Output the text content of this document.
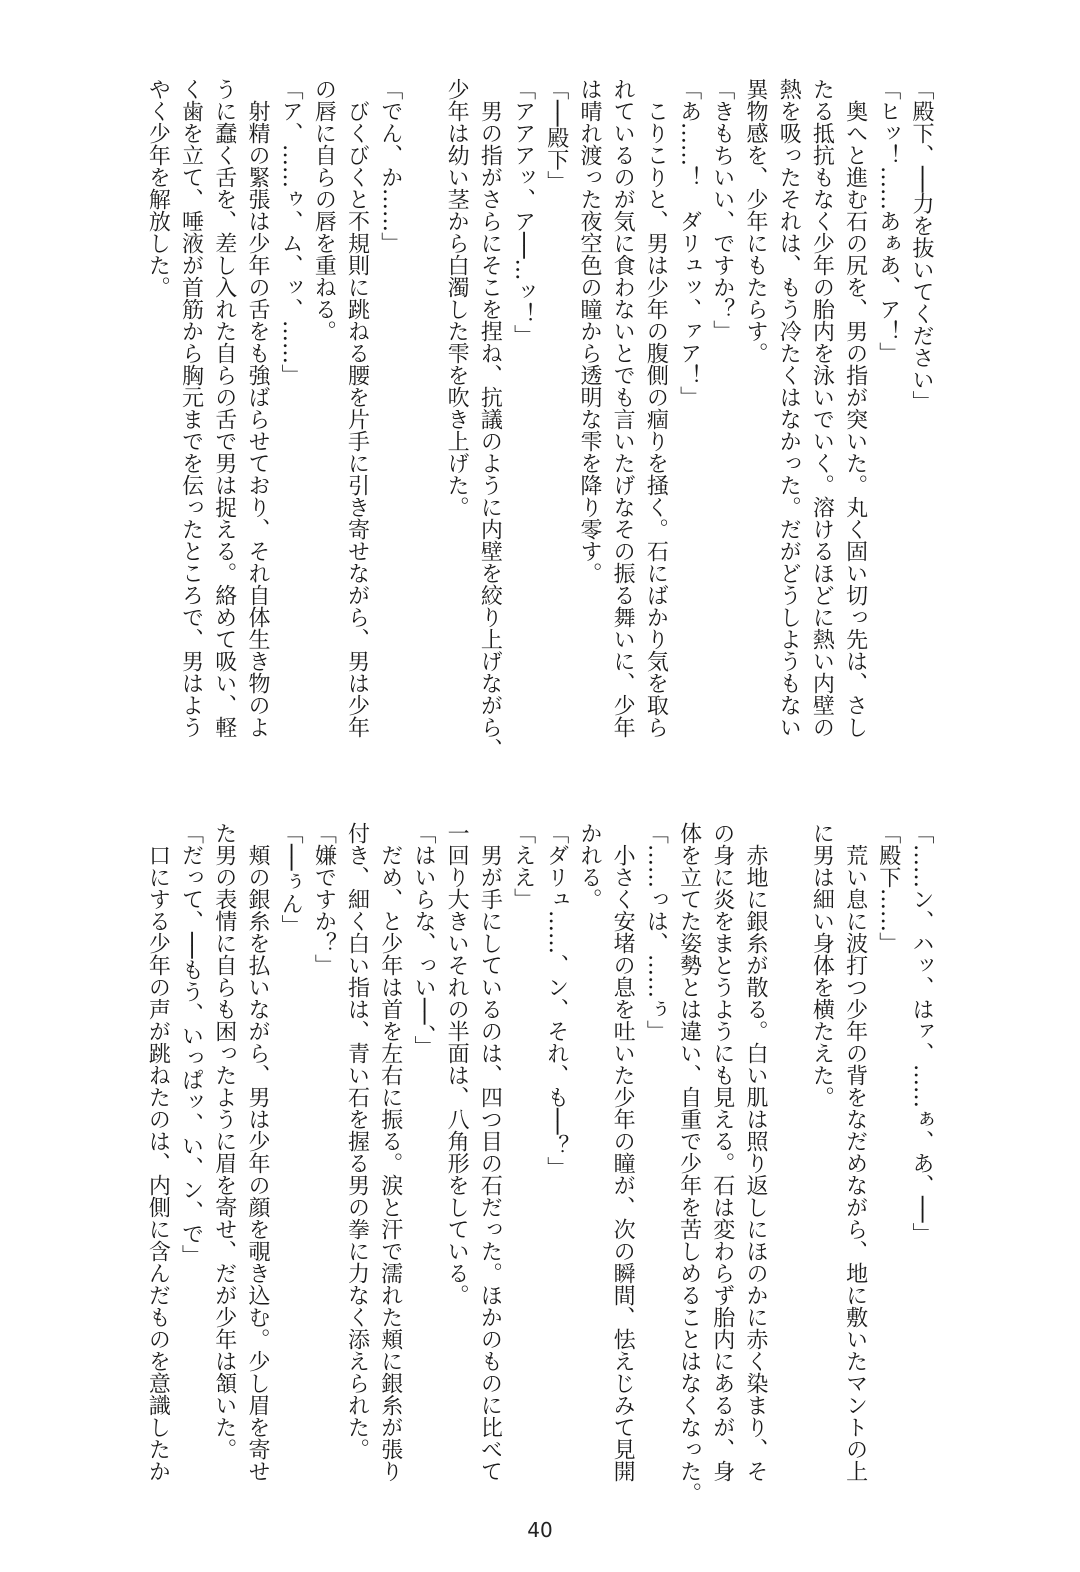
「殿下、──力を抜いてください」
「ヒッ！……あぁあ、ア！」
　奥へと進む石の尻を、男の指が突いた。丸く固い切っ先は、さし
たる抵抗もなく少年の胎内を泳いでいく。溶けるほどに熱い内壁の
熱を吸ったそれは、もう冷たくはなかった。だがどうしようもない
異物感を、少年にもたらす。
「きもちいい、ですか？」
「あ……！　ダリュッ、ァア！」
　こりこりと、男は少年の腹側の痼りを掻く。石にばかり気を取ら
れているのが気に食わないとでも言いたげなその振る舞いに、少年
は晴れ渡った夜空色の瞳から透明な雫を降り零す。
「──殿下」
「アアアッ、ア──…ッ！」
　男の指がさらにそこを捏ね、抗議のように内壁を絞り上げながら、
少年は幼い茎から白濁した雫を吹き上げた。

「でん、か……」
　びくびくと不規則に跳ねる腰を片手に引き寄せながら、男は少年
の唇に自らの唇を重ねる。
「ア、……ゥ、ム、ッ、……」
　射精の緊張は少年の舌をも強ばらせており、それ自体生き物のよ
うに蠢く舌を、差し入れた自らの舌で男は捉える。絡めて吸い、軽
く歯を立て、唾液が首筋から胸元までを伝ったところで、男はよう
やく少年を解放した。
「……ン、ハッ、はァ、……ぁ、あ、──」
「殿下……」
　荒い息に波打つ少年の背をなだめながら、地に敷いたマントの上
に男は細い身体を横たえた。

　赤地に銀糸が散る。白い肌は照り返しにほのかに赤く染まり、そ
の身に炎をまとうようにも見える。石は変わらず胎内にあるが、身
体を立てた姿勢とは違い、自重で少年を苦しめることはなくなった。
「……っは、……ぅ」
　小さく安堵の息を吐いた少年の瞳が、次の瞬間、怯えじみて見開
かれる。
「ダリュ……、ン、それ、も──？」
「ええ」
　男が手にしているのは、四つ目の石だった。ほかのものに比べて
一回り大きいそれの半面は、八角形をしている。
「はいらな、っい──、」
　だめ、と少年は首を左右に振る。涙と汗で濡れた頬に銀糸が張り
付き、細く白い指は、青い石を握る男の拳に力なく添えられた。
「嫌ですか？」
「──ぅん」
　頬の銀糸を払いながら、男は少年の顔を覗き込む。少し眉を寄せ
た男の表情に自らも困ったように眉を寄せ、だが少年は頷いた。
「だって、──もう、いっぱッ、い、ン、で」
　口にする少年の声が跳ねたのは、内側に含んだものを意識したか
40
